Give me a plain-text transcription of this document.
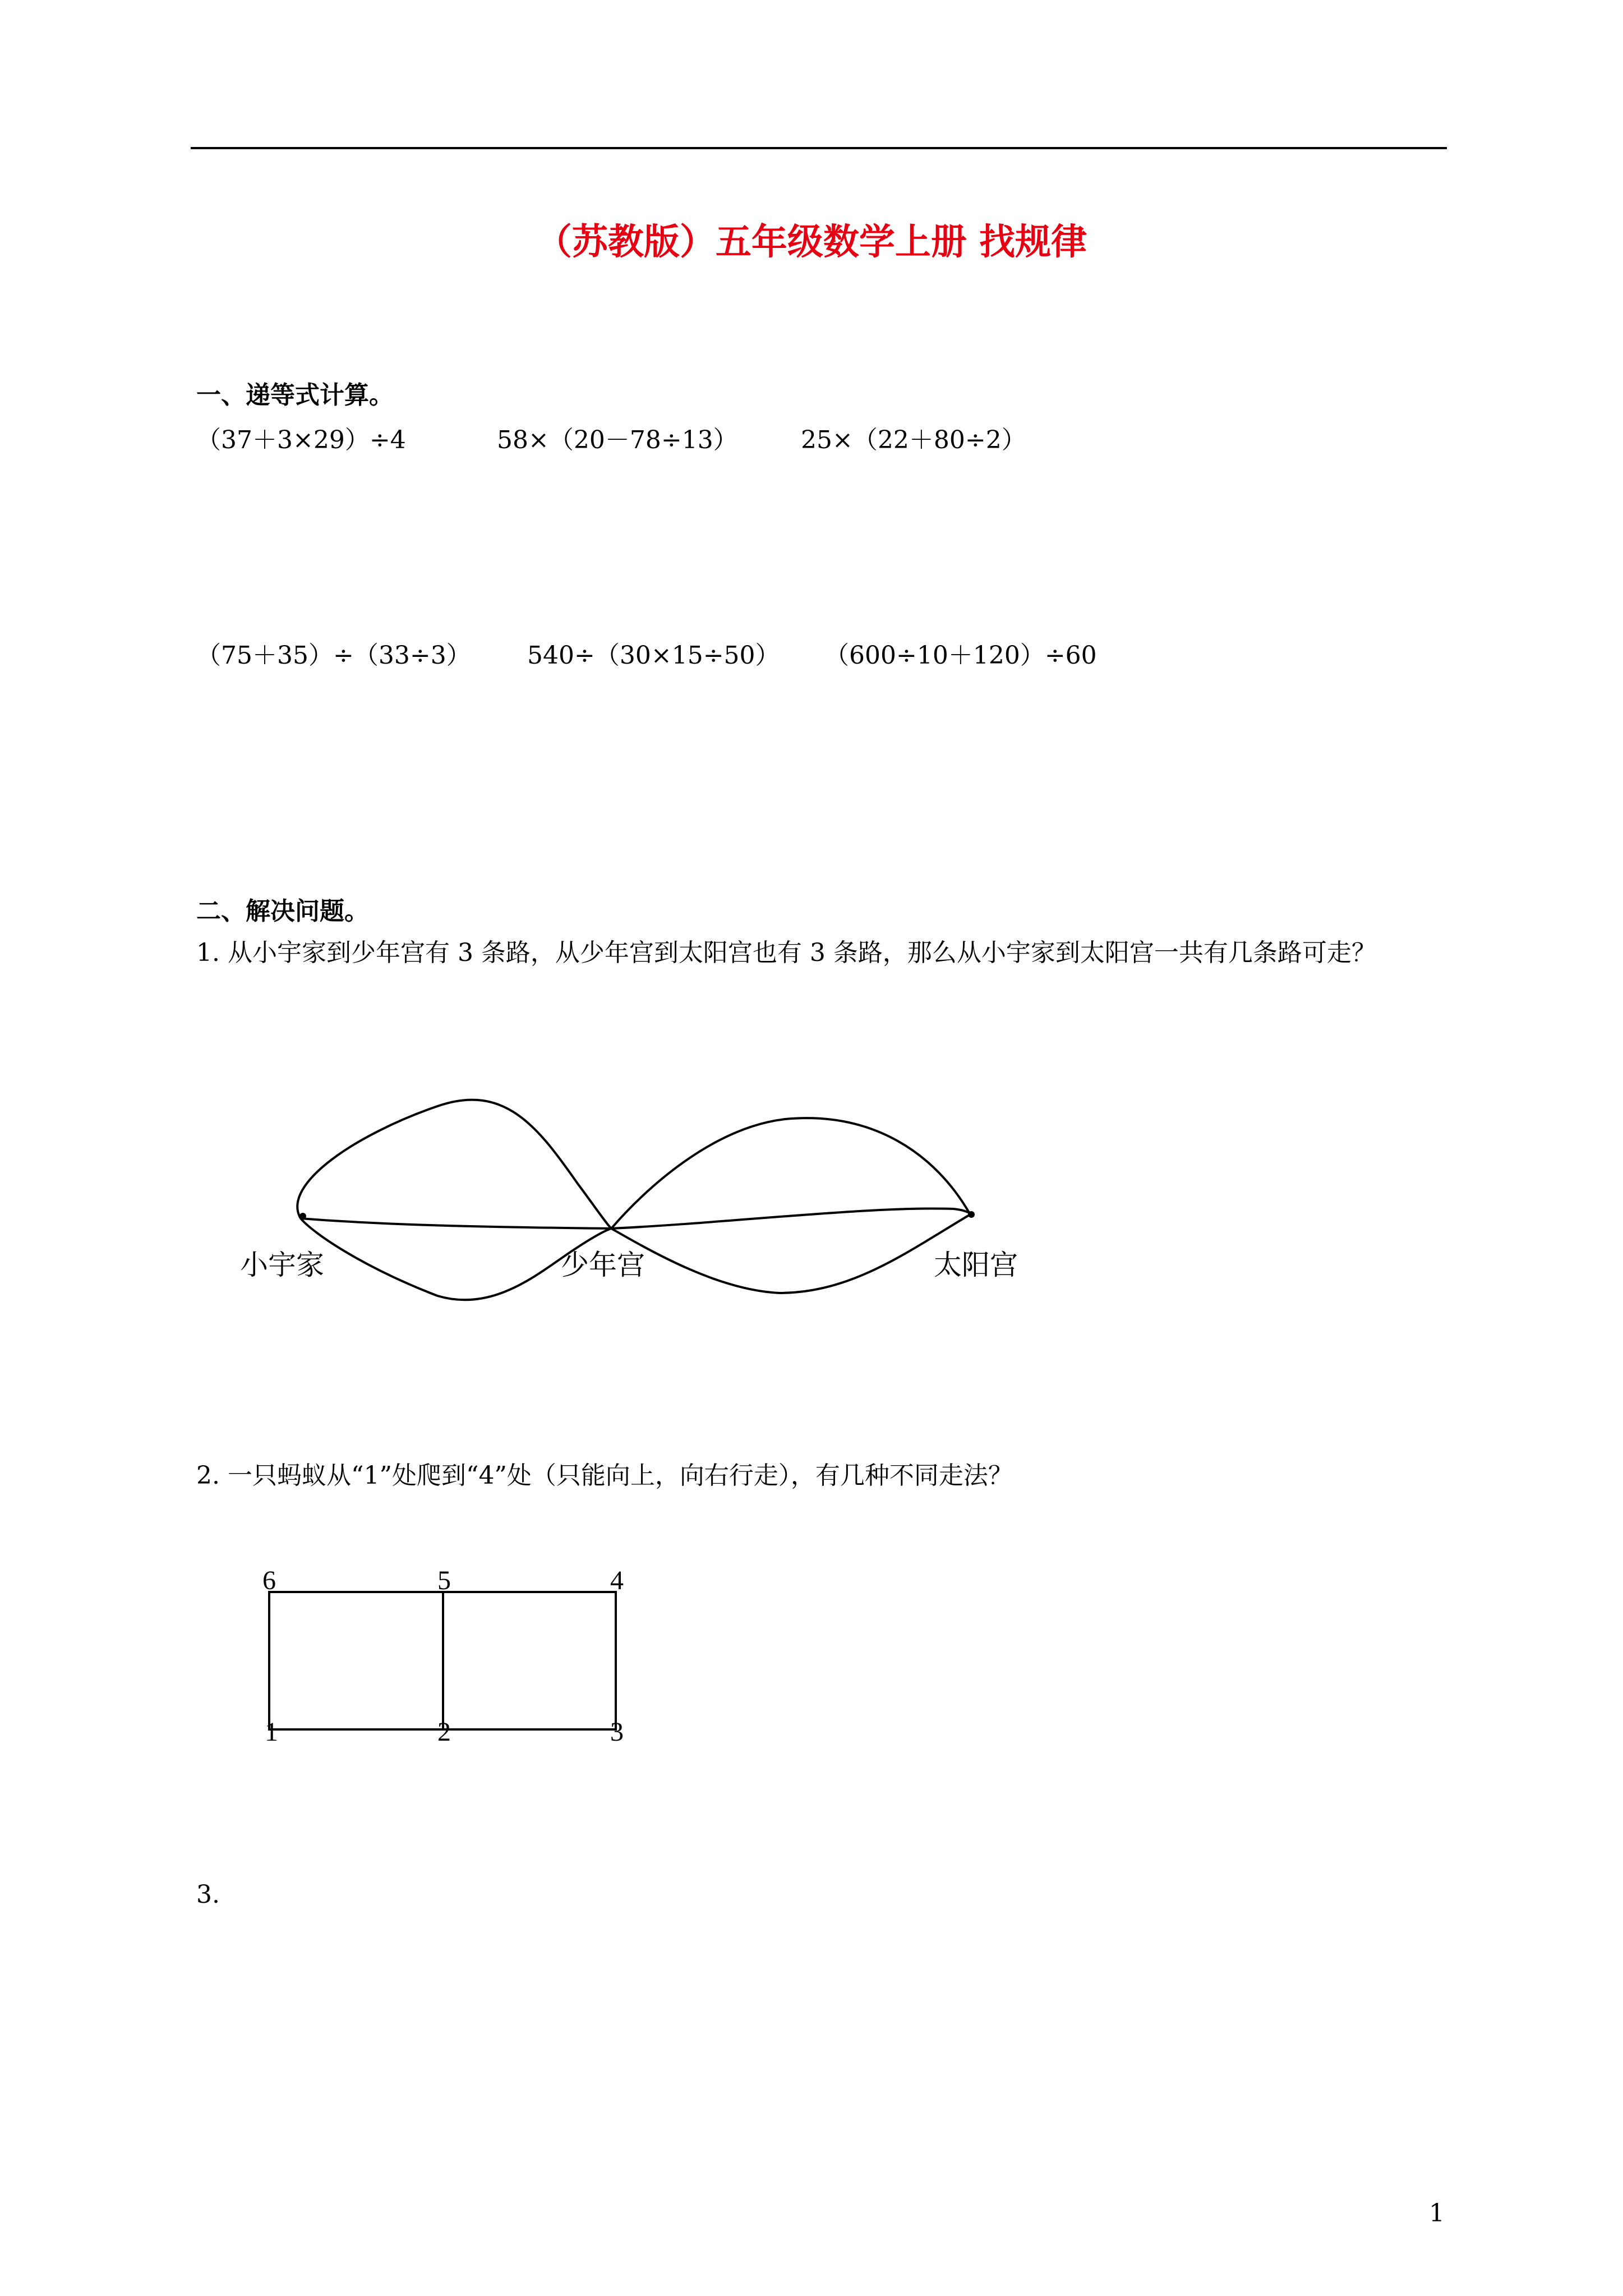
（苏教版）五年级数学上册 找规律
一、递等式计算。
（37＋3×29）÷4	58×（20－78÷13）	25×（22＋80÷2）
（75＋35）÷（33÷3） 540÷（30×15÷50） （600÷10＋120）÷60
二、解决问题。
1. 从小宇家到少年宫有 3 条路，从少年宫到太阳宫也有 3 条路，那么从小宇家到太阳宫一共有几条路可走？
小宇家	少年宫	太阳宫
2. 一只蚂蚁从“1”处爬到“4”处（只能向上，向右行走），有几种不同走法？
6	5	4
1	2	3
3.
1
